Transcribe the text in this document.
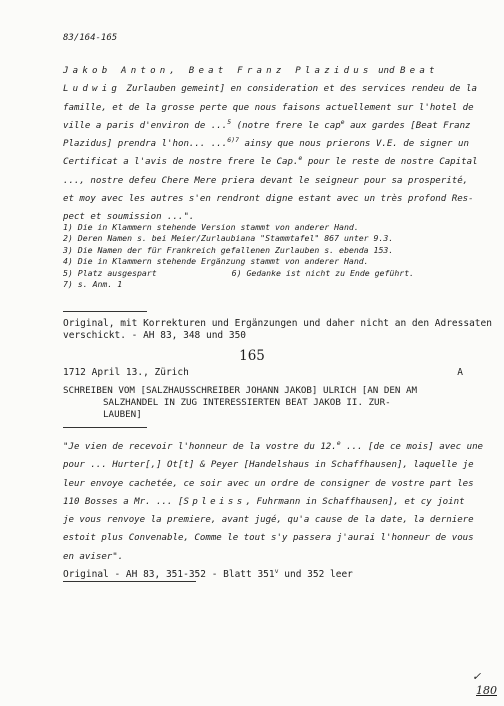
83/164-165
Jakob Anton, Beat Franz Plazidus und Beat
Ludwig Zurlauben gemeint] en consideration et des services rendeu de la
famille, et de la grosse perte que nous faisons actuellement sur l'hotel de
ville a paris d'environ de ...$^5$ (notre frere le cap$^e$ aux gardes [Beat Franz
Plazidus] prendra l'hon... ...$^{6)7}$ ainsy que nous prierons V.E. de signer un
Certificat a l'avis de nostre frere le Cap.$^e$ pour le reste de nostre Capital
..., nostre defeu Chere Mere priera devant le seigneur pour sa prosperité,
et moy avec les autres s'en rendront digne estant avec un très profond Res-
pect et soumission ...".
1) Die in Klammern stehende Version stammt von anderer Hand.
2) Deren Namen s. bei Meier/Zurlaubiana "Stammtafel" 867 unter 9.3.
3) Die Namen der für Frankreich gefallenen Zurlauben s. ebenda 153.
4) Die in Klammern stehende Ergänzung stammt von anderer Hand.
5) Platz ausgespart	6) Gedanke ist nicht zu Ende geführt.
7) s. Anm. 1
Original, mit Korrekturen und Ergänzungen und daher nicht an den Adressaten
verschickt. - AH 83, 348 und 350
165
1712 April 13., Zürich	A
SCHREIBEN VOM [SALZHAUSSCHREIBER JOHANN JAKOB] ULRICH [AN DEN AM
SALZHANDEL IN ZUG INTERESSIERTEN BEAT JAKOB II. ZUR-
LAUBEN]
"Je vien de recevoir l'honneur de la vostre du 12.$^e$ ... [de ce mois] avec une
pour ... Hurter[,] Ot[t] & Peyer [Handelshaus in Schaffhausen], laquelle je
leur envoye cachetée, ce soir avec un ordre de consigner de vostre part les
110 Bosses a Mr. ... [Spleiss, Fuhrmann in Schaffhausen], et cy joint
je vous renvoye la premiere, avant jugé, qu'a cause de la date, la derniere
estoit plus Convenable, Comme le tout s'y passera j'aurai l'honneur de vous
en aviser".
Original - AH 83, 351-352 - Blatt 351$^v$ und 352 leer
✓
180
